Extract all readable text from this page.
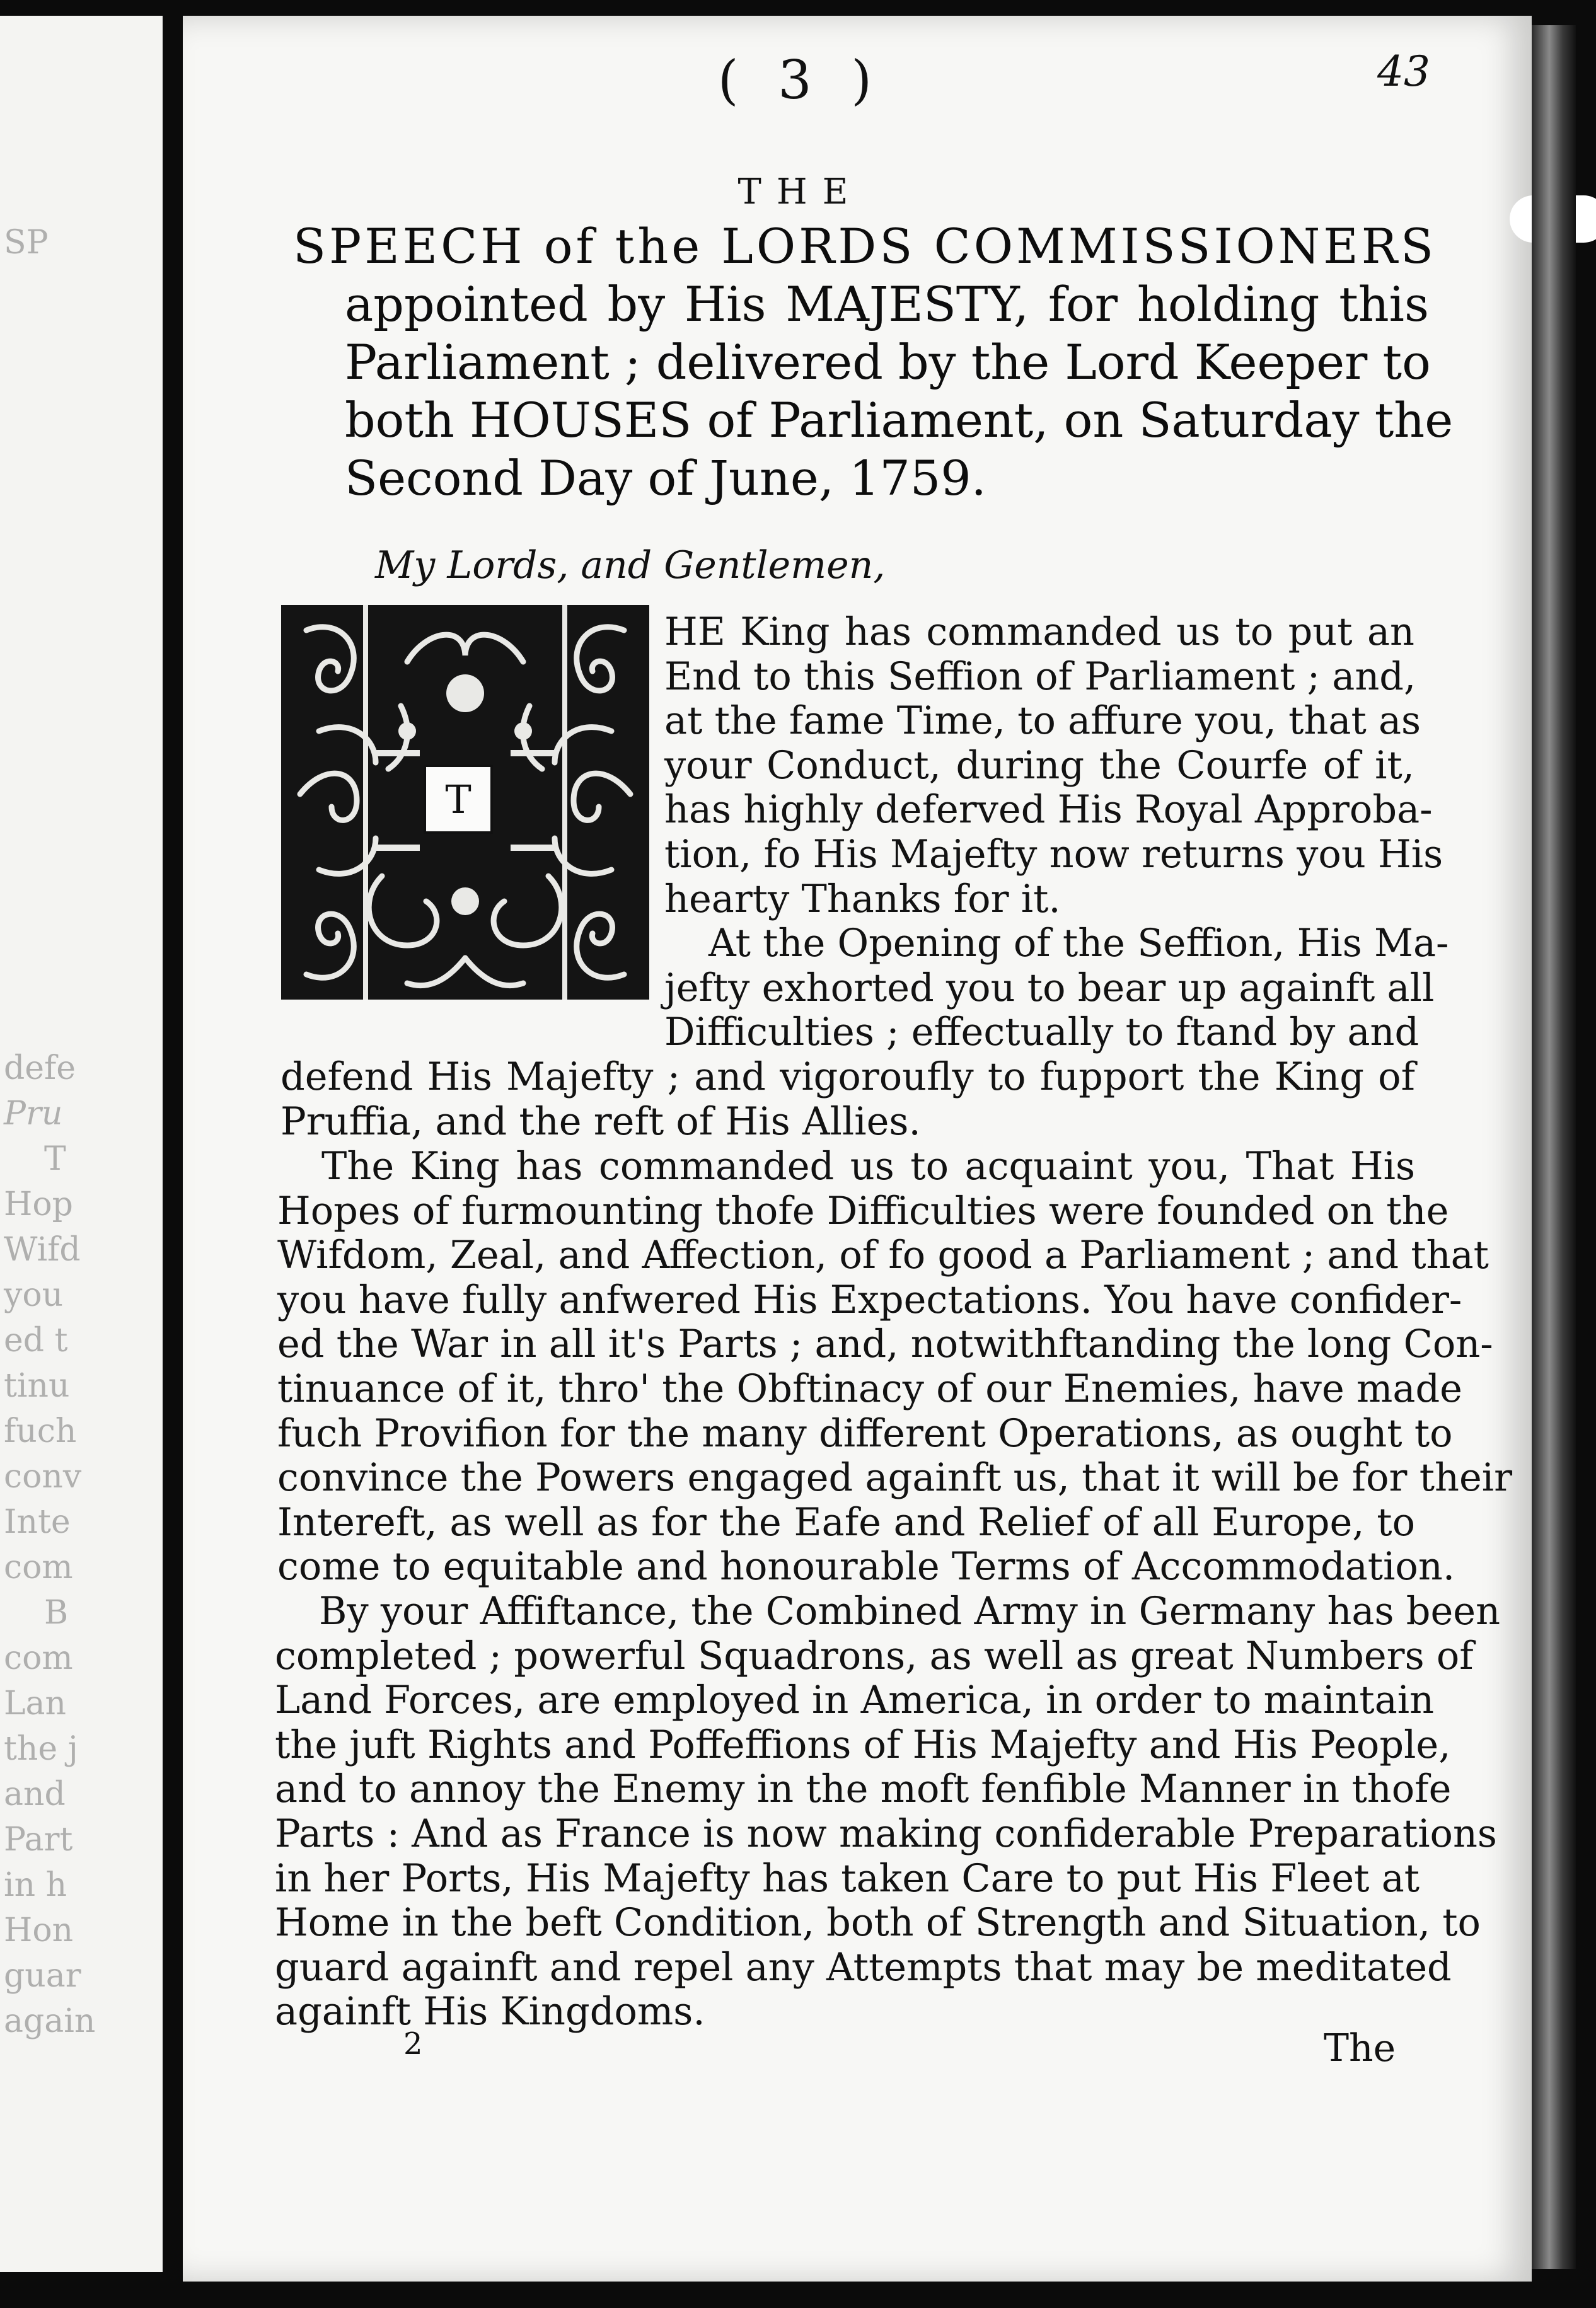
SP
defe
Pru
T
Hop
Wifd
you
ed t
tinu
fuch
conv
Inte
com
B
com
Lan
the j
and
Part
in h
Hon
guar
again
( 3 )	43
THE
SPEECH of the LORDS COMMISSIONERS
appointed by His MAJESTY, for holding this
Parliament ; delivered by the Lord Keeper to
both HOUSES of Parliament, on Saturday the
Second Day of June, 1759.
My Lords, and Gentlemen,
T
HE King has commanded us to put an
End to this Seffion of Parliament ; and,
at the fame Time, to affure you, that as
your Conduct, during the Courfe of it,
has highly deferved His Royal Approba-
tion, fo His Majefty now returns you His
hearty Thanks for it.
At the Opening of the Seffion, His Ma-
jefty exhorted you to bear up againft all
Difficulties ; effectually to ftand by and
defend His Majefty ; and vigoroufly to fupport the King of
Pruffia, and the reft of His Allies.
The King has commanded us to acquaint you, That His
Hopes of furmounting thofe Difficulties were founded on the
Wifdom, Zeal, and Affection, of fo good a Parliament ; and that
you have fully anfwered His Expectations. You have confider-
ed the War in all it's Parts ; and, notwithftanding the long Con-
tinuance of it, thro' the Obftinacy of our Enemies, have made
fuch Provifion for the many different Operations, as ought to
convince the Powers engaged againft us, that it will be for their
Intereft, as well as for the Eafe and Relief of all Europe, to
come to equitable and honourable Terms of Accommodation.
By your Affiftance, the Combined Army in Germany has been
completed ; powerful Squadrons, as well as great Numbers of
Land Forces, are employed in America, in order to maintain
the juft Rights and Poffeffions of His Majefty and His People,
and to annoy the Enemy in the moft fenfible Manner in thofe
Parts : And as France is now making confiderable Preparations
in her Ports, His Majefty has taken Care to put His Fleet at
Home in the beft Condition, both of Strength and Situation, to
guard againft and repel any Attempts that may be meditated
againft His Kingdoms.
2	The
